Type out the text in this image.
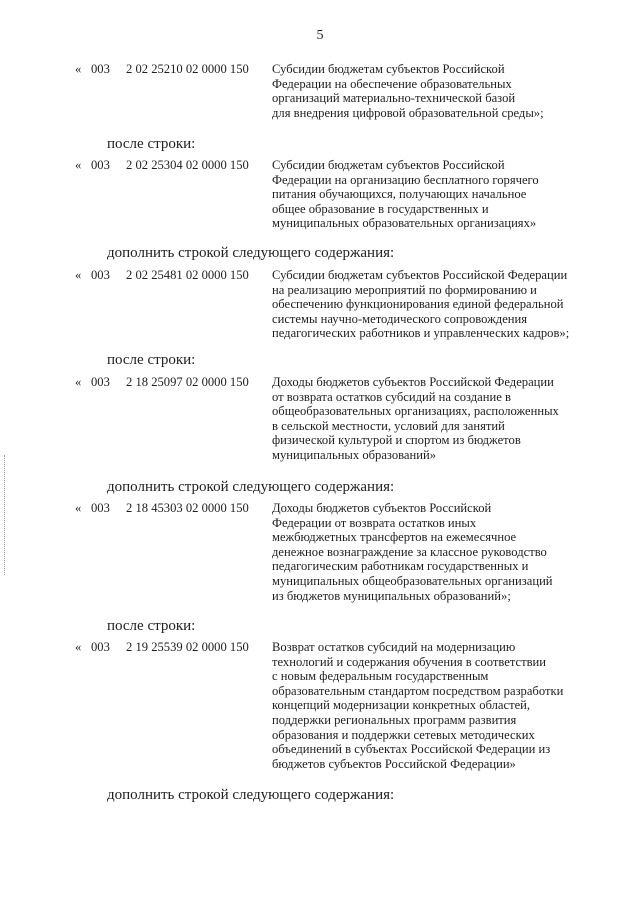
5
« 003 2 02 25210 02 0000 150 Субсидии бюджетам субъектов Российской
Федерации на обеспечение образовательных
организаций материально-технической базой
для внедрения цифровой образовательной среды»;
после строки:
« 003 2 02 25304 02 0000 150 Субсидии бюджетам субъектов Российской
Федерации на организацию бесплатного горячего
питания обучающихся, получающих начальное
общее образование в государственных и
муниципальных образовательных организациях»
дополнить строкой следующего содержания:
« 003 2 02 25481 02 0000 150 Субсидии бюджетам субъектов Российской Федерации
на реализацию мероприятий по формированию и
обеспечению функционирования единой федеральной
системы научно-методического сопровождения
педагогических работников и управленческих кадров»;
после строки:
« 003 2 18 25097 02 0000 150 Доходы бюджетов субъектов Российской Федерации
от возврата остатков субсидий на создание в
общеобразовательных организациях, расположенных
в сельской местности, условий для занятий
физической культурой и спортом из бюджетов
муниципальных образований»
дополнить строкой следующего содержания:
« 003 2 18 45303 02 0000 150 Доходы бюджетов субъектов Российской
Федерации от возврата остатков иных
межбюджетных трансфертов на ежемесячное
денежное вознаграждение за классное руководство
педагогическим работникам государственных и
муниципальных общеобразовательных организаций
из бюджетов муниципальных образований»;
после строки:
« 003 2 19 25539 02 0000 150 Возврат остатков субсидий на модернизацию
технологий и содержания обучения в соответствии
с новым федеральным государственным
образовательным стандартом посредством разработки
концепций модернизации конкретных областей,
поддержки региональных программ развития
образования и поддержки сетевых методических
объединений в субъектах Российской Федерации из
бюджетов субъектов Российской Федерации»
дополнить строкой следующего содержания:
